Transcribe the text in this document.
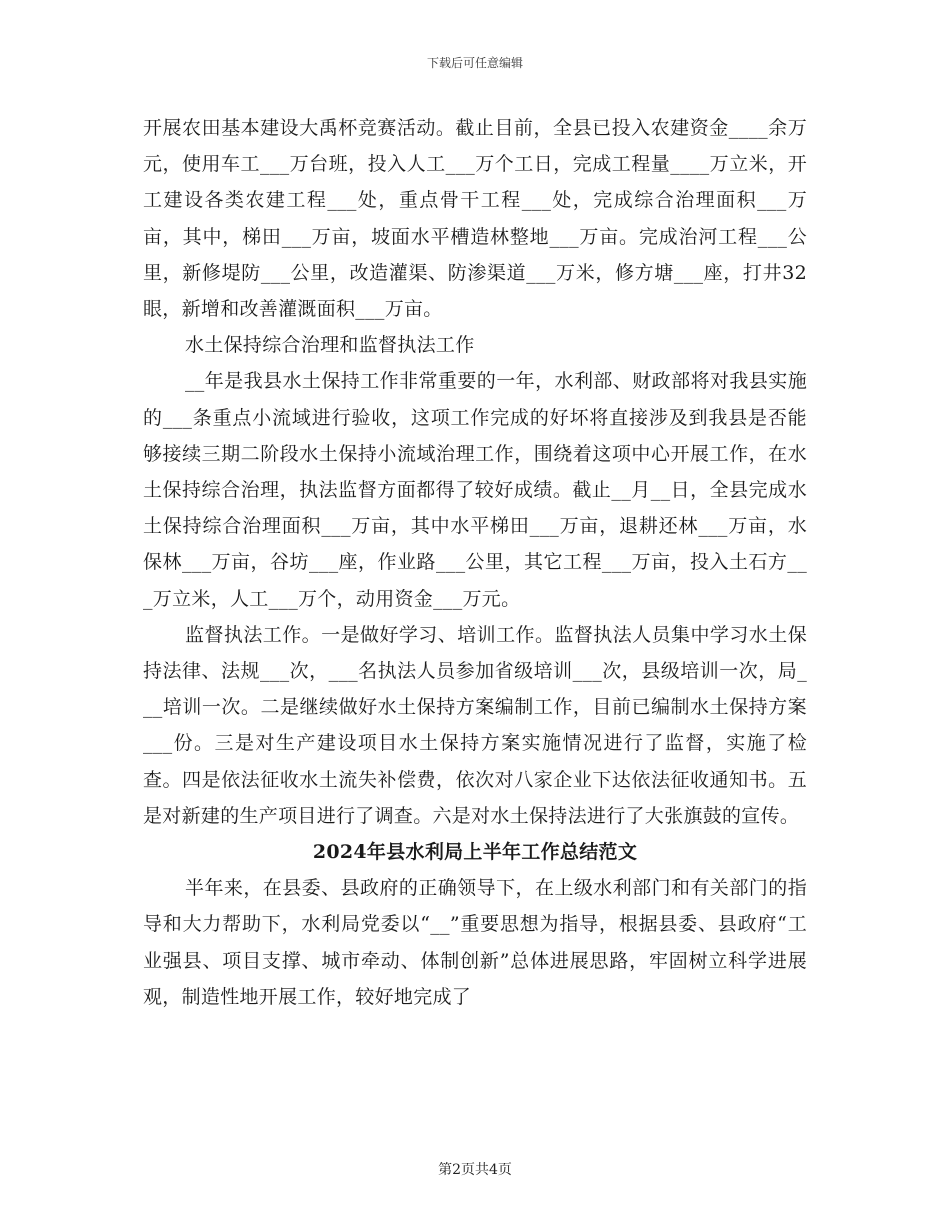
下载后可任意编辑

开展农田基本建设大禹杯竞赛活动。截止目前，全县已投入农建资金____余万元，使用车工___万台班，投入人工___万个工日，完成工程量____万立米，开工建设各类农建工程___处，重点骨干工程___处，完成综合治理面积___万亩，其中，梯田___万亩，坡面水平槽造林整地___万亩。完成治河工程___公里，新修堤防___公里，改造灌渠、防渗渠道___万米，修方塘___座，打井32眼，新增和改善灌溉面积___万亩。

水土保持综合治理和监督执法工作

__年是我县水土保持工作非常重要的一年，水利部、财政部将对我县实施的___条重点小流域进行验收，这项工作完成的好坏将直接涉及到我县是否能够接续三期二阶段水土保持小流域治理工作，围绕着这项中心开展工作，在水土保持综合治理，执法监督方面都得了较好成绩。截止__月__日，全县完成水土保持综合治理面积___万亩，其中水平梯田___万亩，退耕还林___万亩，水保林___万亩，谷坊___座，作业路___公里，其它工程___万亩，投入土石方___万立米，人工___万个，动用资金___万元。

监督执法工作。一是做好学习、培训工作。监督执法人员集中学习水土保持法律、法规___次，___名执法人员参加省级培训___次，县级培训一次，局___培训一次。二是继续做好水土保持方案编制工作，目前已编制水土保持方案___份。三是对生产建设项目水土保持方案实施情况进行了监督，实施了检查。四是依法征收水土流失补偿费，依次对八家企业下达依法征收通知书。五是对新建的生产项目进行了调查。六是对水土保持法进行了大张旗鼓的宣传。

2024年县水利局上半年工作总结范文

半年来，在县委、县政府的正确领导下，在上级水利部门和有关部门的指导和大力帮助下，水利局党委以“__”重要思想为指导，根据县委、县政府“工业强县、项目支撑、城市牵动、体制创新”总体进展思路，牢固树立科学进展观，制造性地开展工作，较好地完成了

第2页共4页
